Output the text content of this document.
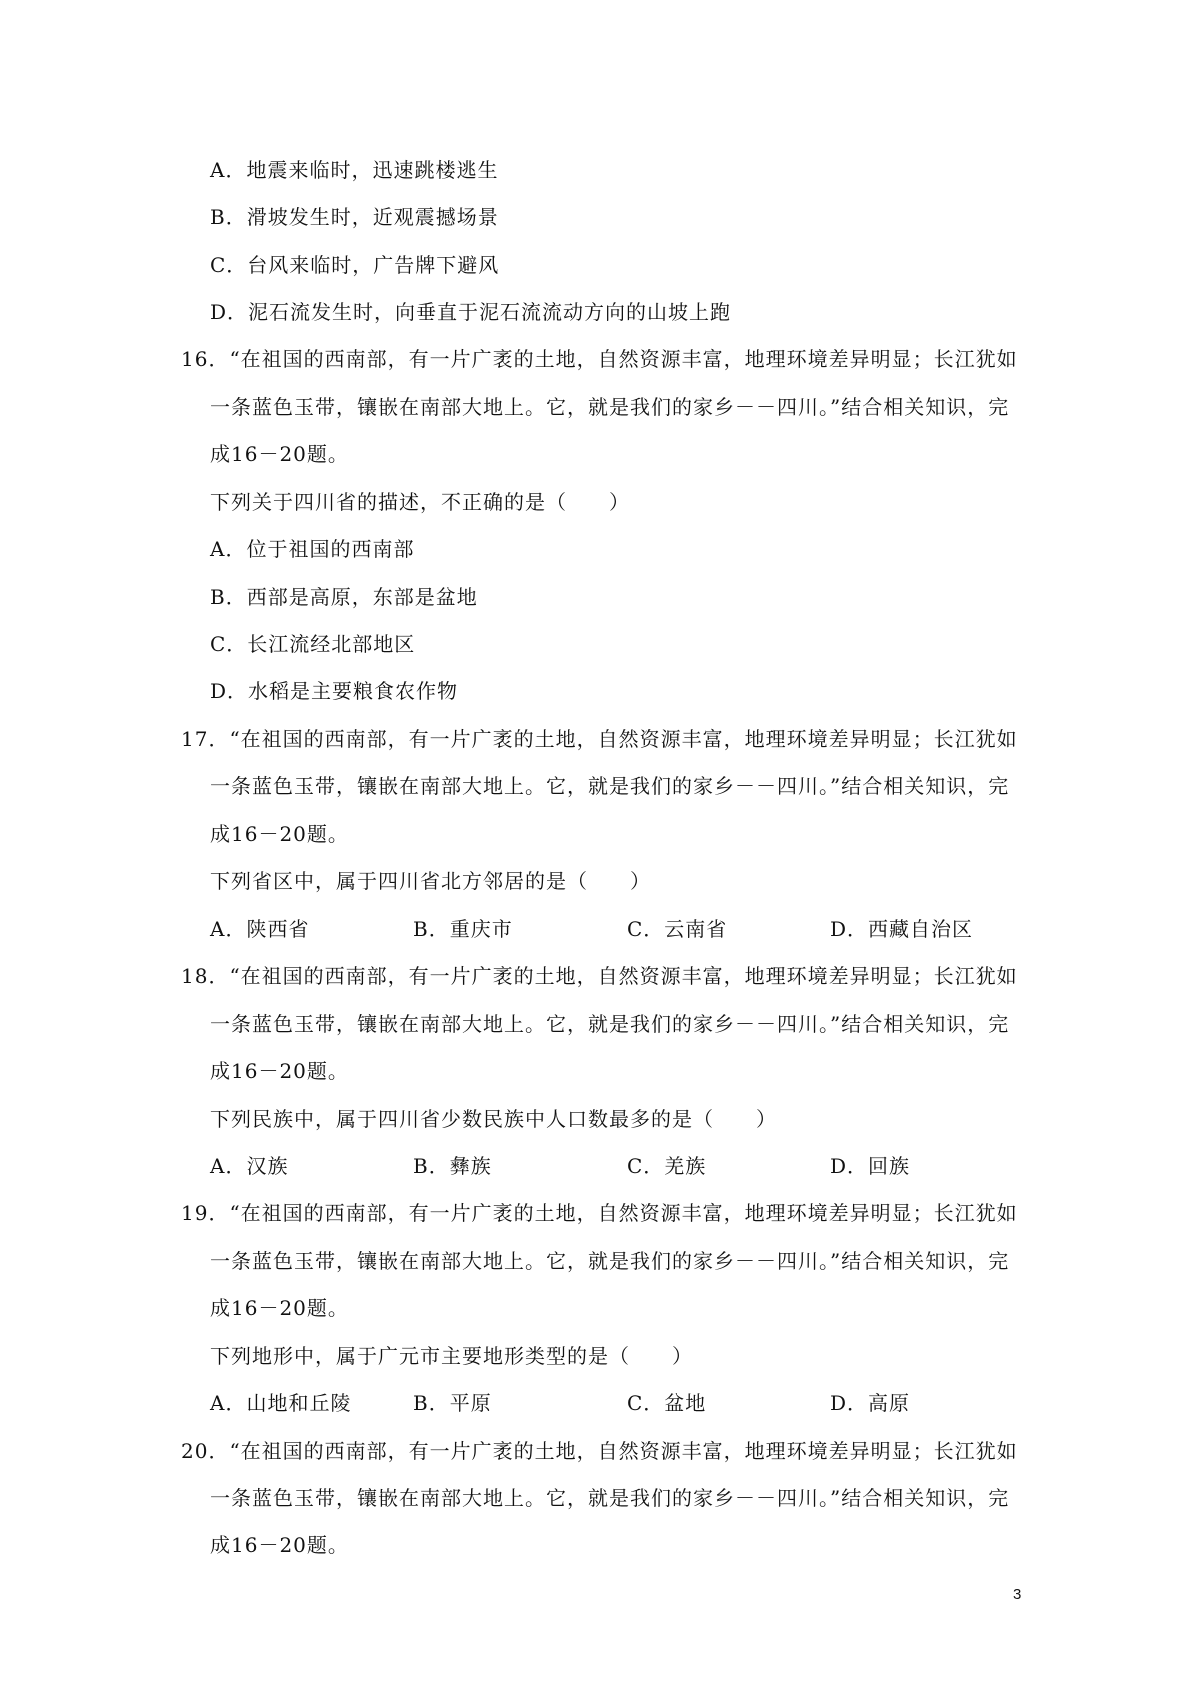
A．地震来临时，迅速跳楼逃生
B．滑坡发生时，近观震撼场景
C．台风来临时，广告牌下避风
D．泥石流发生时，向垂直于泥石流流动方向的山坡上跑
16．“在祖国的西南部，有一片广袤的土地，自然资源丰富，地理环境差异明显；长江犹如
一条蓝色玉带，镶嵌在南部大地上。它，就是我们的家乡－－四川。”结合相关知识，完
成16－20题。
下列关于四川省的描述，不正确的是（　　）
A．位于祖国的西南部
B．西部是高原，东部是盆地
C．长江流经北部地区
D．水稻是主要粮食农作物
17．“在祖国的西南部，有一片广袤的土地，自然资源丰富，地理环境差异明显；长江犹如
一条蓝色玉带，镶嵌在南部大地上。它，就是我们的家乡－－四川。”结合相关知识，完
成16－20题。
下列省区中，属于四川省北方邻居的是（　　）
A．陕西省	B．重庆市	C．云南省	D．西藏自治区
18．“在祖国的西南部，有一片广袤的土地，自然资源丰富，地理环境差异明显；长江犹如
一条蓝色玉带，镶嵌在南部大地上。它，就是我们的家乡－－四川。”结合相关知识，完
成16－20题。
下列民族中，属于四川省少数民族中人口数最多的是（　　）
A．汉族	B．彝族	C．羌族	D．回族
19．“在祖国的西南部，有一片广袤的土地，自然资源丰富，地理环境差异明显；长江犹如
一条蓝色玉带，镶嵌在南部大地上。它，就是我们的家乡－－四川。”结合相关知识，完
成16－20题。
下列地形中，属于广元市主要地形类型的是（　　）
A．山地和丘陵	B．平原	C．盆地	D．高原
20．“在祖国的西南部，有一片广袤的土地，自然资源丰富，地理环境差异明显；长江犹如
一条蓝色玉带，镶嵌在南部大地上。它，就是我们的家乡－－四川。”结合相关知识，完
成16－20题。
3
